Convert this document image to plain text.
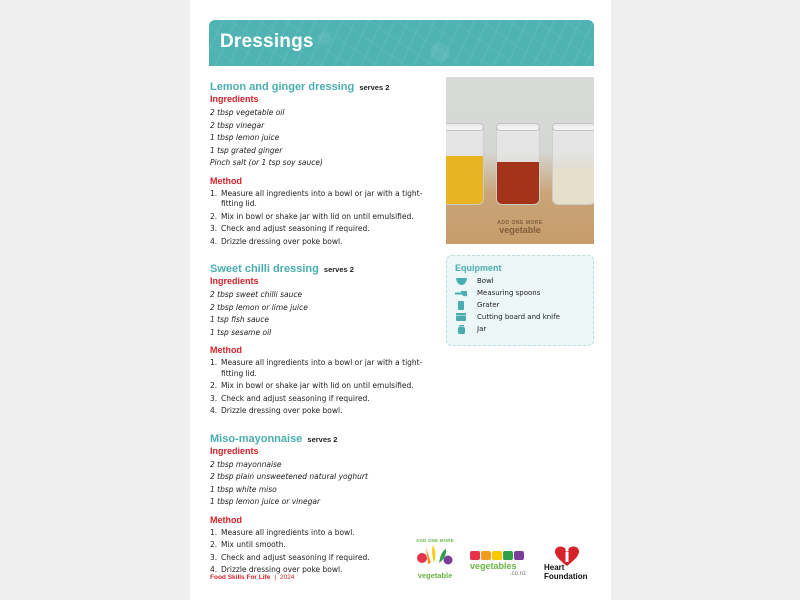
Dressings
Lemon and ginger dressing serves 2
Ingredients
2 tbsp vegetable oil
2 tbsp vinegar
1 tbsp lemon juice
1 tsp grated ginger
Pinch salt (or 1 tsp soy sauce)
Method
1. Measure all ingredients into a bowl or jar with a tight-fitting lid.
2. Mix in bowl or shake jar with lid on until emulsified.
3. Check and adjust seasoning if required.
4. Drizzle dressing over poke bowl.
Sweet chilli dressing serves 2
Ingredients
2 tbsp sweet chilli sauce
2 tbsp lemon or lime juice
1 tsp fish sauce
1 tsp sesame oil
Method
1. Measure all ingredients into a bowl or jar with a tight-fitting lid.
2. Mix in bowl or shake jar with lid on until emulsified.
3. Check and adjust seasoning if required.
4. Drizzle dressing over poke bowl.
Miso-mayonnaise serves 2
Ingredients
2 tbsp mayonnaise
2 tbsp plain unsweetened natural yoghurt
1 tbsp white miso
1 tbsp lemon juice or vinegar
Method
1. Measure all ingredients into a bowl.
2. Mix until smooth.
3. Check and adjust seasoning if required.
4. Drizzle dressing over poke bowl.
ADD ONE MORE
vegetable
Equipment
Bowl
Measuring spoons
Grater
Cutting board and knife
Jar
Food Skills For Life | 2024
ADD ONE MORE
vegetable
vegetables
.co.nz
Heart
Foundation
